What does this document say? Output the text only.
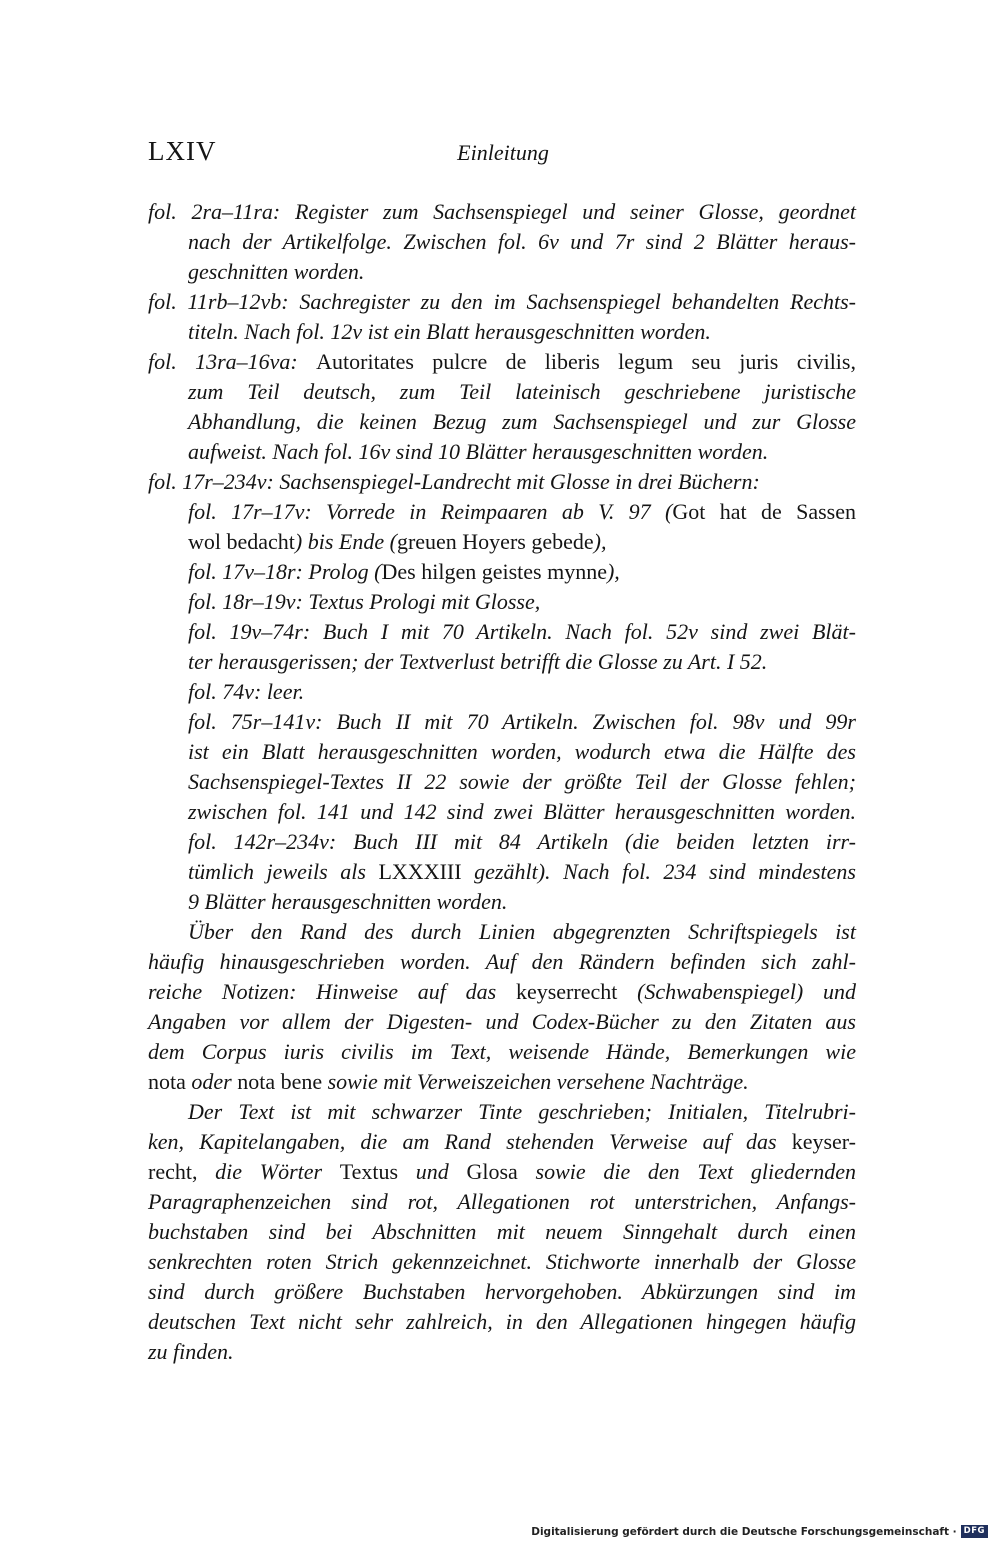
LXIV	Einleitung
fol. 2ra–11ra: Register zum Sachsenspiegel und seiner Glosse, geordnet
nach der Artikelfolge. Zwischen fol. 6v und 7r sind 2 Blätter heraus-
geschnitten worden.
fol. 11rb–12vb: Sachregister zu den im Sachsenspiegel behandelten Rechts-
titeln. Nach fol. 12v ist ein Blatt herausgeschnitten worden.
fol. 13ra–16va: Autoritates pulcre de liberis legum seu juris civilis,
zum Teil deutsch, zum Teil lateinisch geschriebene juristische
Abhandlung, die keinen Bezug zum Sachsenspiegel und zur Glosse
aufweist. Nach fol. 16v sind 10 Blätter herausgeschnitten worden.
fol. 17r–234v: Sachsenspiegel-Landrecht mit Glosse in drei Büchern:
fol. 17r–17v: Vorrede in Reimpaaren ab V. 97 (Got hat de Sassen
wol bedacht) bis Ende (greuen Hoyers gebede),
fol. 17v–18r: Prolog (Des hilgen geistes mynne),
fol. 18r–19v: Textus Prologi mit Glosse,
fol. 19v–74r: Buch I mit 70 Artikeln. Nach fol. 52v sind zwei Blät-
ter herausgerissen; der Textverlust betrifft die Glosse zu Art. I 52.
fol. 74v: leer.
fol. 75r–141v: Buch II mit 70 Artikeln. Zwischen fol. 98v und 99r
ist ein Blatt herausgeschnitten worden, wodurch etwa die Hälfte des
Sachsenspiegel-Textes II 22 sowie der größte Teil der Glosse fehlen;
zwischen fol. 141 und 142 sind zwei Blätter herausgeschnitten worden.
fol. 142r–234v: Buch III mit 84 Artikeln (die beiden letzten irr-
tümlich jeweils als LXXXIII gezählt). Nach fol. 234 sind mindestens
9 Blätter herausgeschnitten worden.
Über den Rand des durch Linien abgegrenzten Schriftspiegels ist
häufig hinausgeschrieben worden. Auf den Rändern befinden sich zahl-
reiche Notizen: Hinweise auf das keyserrecht (Schwabenspiegel) und
Angaben vor allem der Digesten- und Codex-Bücher zu den Zitaten aus
dem Corpus iuris civilis im Text, weisende Hände, Bemerkungen wie
nota oder nota bene sowie mit Verweiszeichen versehene Nachträge.
Der Text ist mit schwarzer Tinte geschrieben; Initialen, Titelrubri-
ken, Kapitelangaben, die am Rand stehenden Verweise auf das keyser-
recht, die Wörter Textus und Glosa sowie die den Text gliedernden
Paragraphenzeichen sind rot, Allegationen rot unterstrichen, Anfangs-
buchstaben sind bei Abschnitten mit neuem Sinngehalt durch einen
senkrechten roten Strich gekennzeichnet. Stichworte innerhalb der Glosse
sind durch größere Buchstaben hervorgehoben. Abkürzungen sind im
deutschen Text nicht sehr zahlreich, in den Allegationen hingegen häufig
zu finden.
Digitalisierung gefördert durch die Deutsche Forschungsgemeinschaft · DFG
